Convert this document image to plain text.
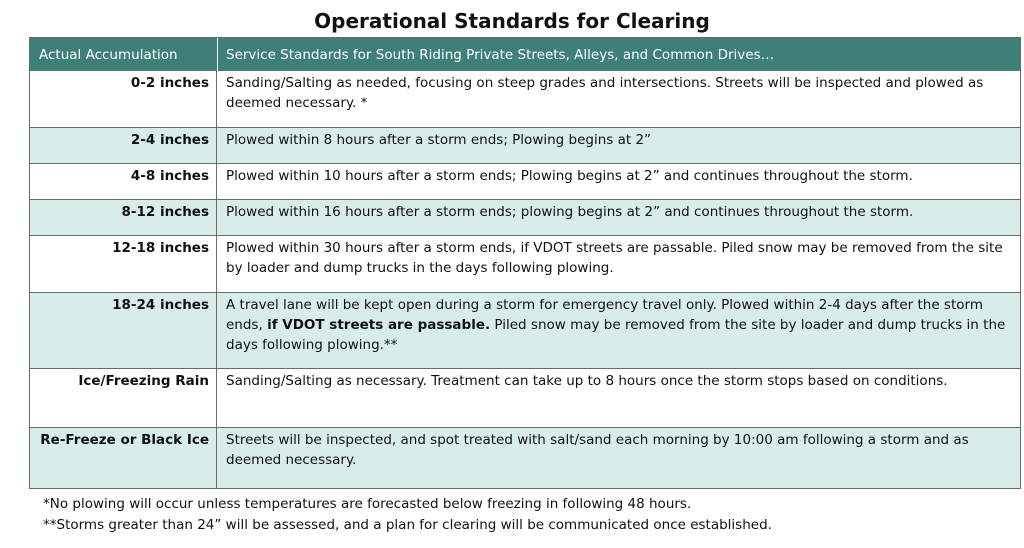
Operational Standards for Clearing
Actual Accumulation	Service Standards for South Riding Private Streets, Alleys, and Common Drives…
0-2 inches	Sanding/Salting as needed, focusing on steep grades and intersections. Streets will be inspected and plowed as deemed necessary. *
2-4 inches	Plowed within 8 hours after a storm ends; Plowing begins at 2”
4-8 inches	Plowed within 10 hours after a storm ends; Plowing begins at 2” and continues throughout the storm.
8-12 inches	Plowed within 16 hours after a storm ends; plowing begins at 2” and continues throughout the storm.
12-18 inches	Plowed within 30 hours after a storm ends, if VDOT streets are passable. Piled snow may be removed from the site by loader and dump trucks in the days following plowing.
18-24 inches	A travel lane will be kept open during a storm for emergency travel only. Plowed within 2-4 days after the storm ends, if VDOT streets are passable. Piled snow may be removed from the site by loader and dump trucks in the days following plowing.**
Ice/Freezing Rain	Sanding/Salting as necessary. Treatment can take up to 8 hours once the storm stops based on conditions.
Re-Freeze or Black Ice	Streets will be inspected, and spot treated with salt/sand each morning by 10:00 am following a storm and as deemed necessary.
*No plowing will occur unless temperatures are forecasted below freezing in following 48 hours.
**Storms greater than 24” will be assessed, and a plan for clearing will be communicated once established.
